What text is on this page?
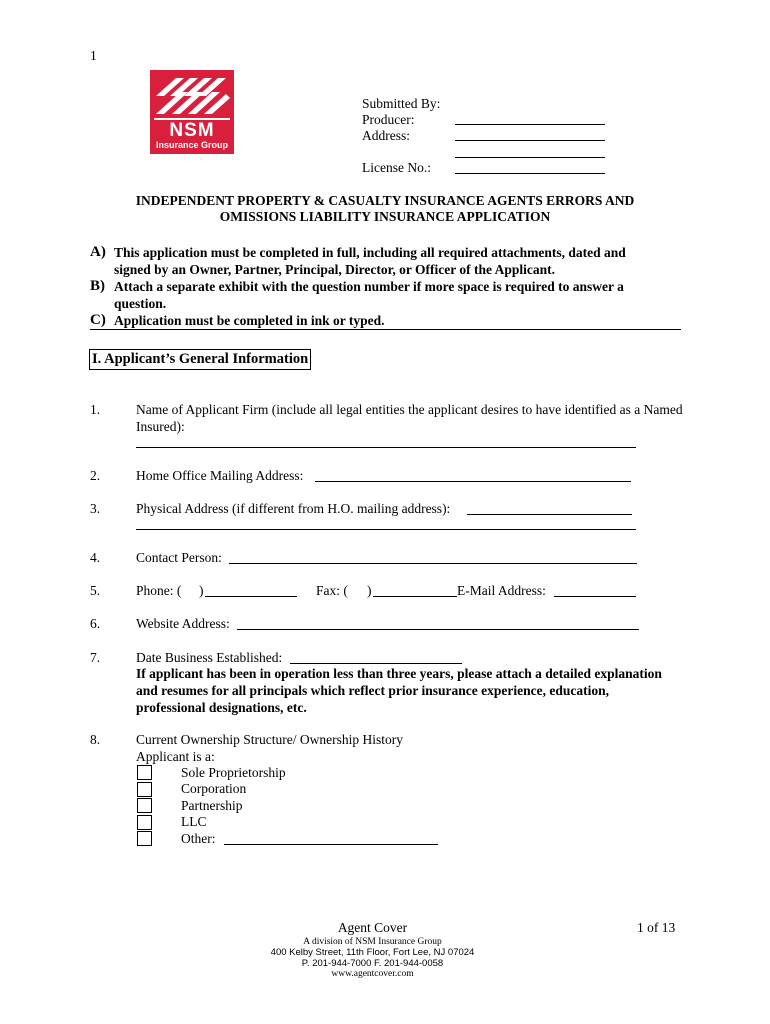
1
NSM
Insurance Group
Submitted By:
Producer:
Address:
License No.:
INDEPENDENT PROPERTY & CASUALTY INSURANCE AGENTS ERRORS AND
OMISSIONS LIABILITY INSURANCE APPLICATION
A) This application must be completed in full, including all required attachments, dated and
signed by an Owner, Partner, Principal, Director, or Officer of the Applicant.
B) Attach a separate exhibit with the question number if more space is required to answer a
question.
C) Application must be completed in ink or typed.
I. Applicant’s General Information
1.	Name of Applicant Firm (include all legal entities the applicant desires to have identified as a Named
Insured):
2.	Home Office Mailing Address:
3.	Physical Address (if different from H.O. mailing address):
4.	Contact Person:
5.	Phone: ( )	Fax: ( )	E-Mail Address:
6.	Website Address:
7.	Date Business Established:
If applicant has been in operation less than three years, please attach a detailed explanation
and resumes for all principals which reflect prior insurance experience, education,
professional designations, etc.
8.	Current Ownership Structure/ Ownership History
Applicant is a:
Sole Proprietorship
Corporation
Partnership
LLC
Other:
Agent Cover	1 of 13
A division of NSM Insurance Group
400 Kelby Street, 11th Floor, Fort Lee, NJ 07024
P. 201-944-7000 F. 201-944-0058
www.agentcover.com
